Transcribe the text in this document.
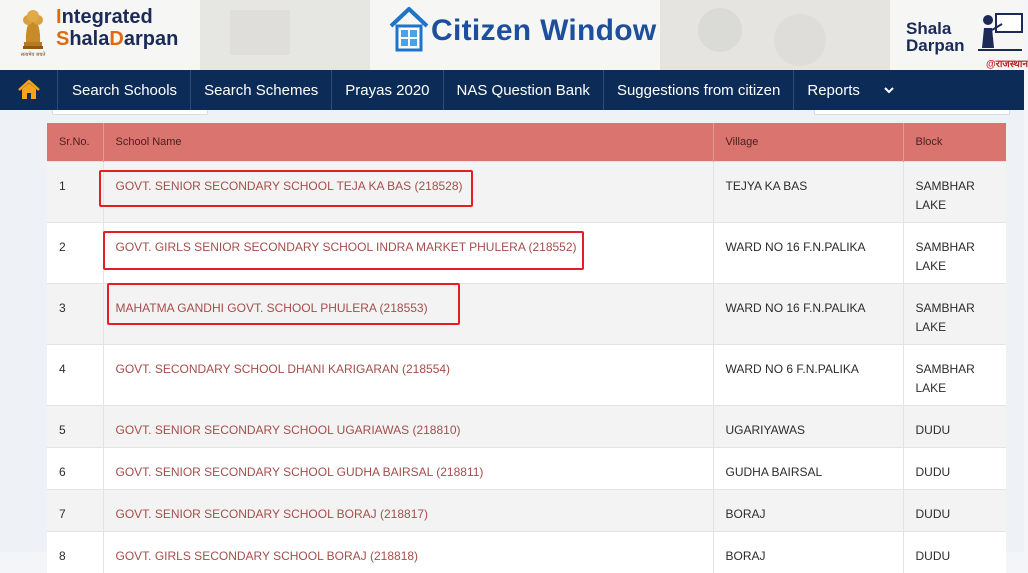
सत्यमेव जयते
Integrated
ShalaDarpan	Citizen Window	Shala
Darpan
@राजस्थान
Search Schools	Search Schemes	Prayas 2020	NAS Question Bank	Suggestions from citizen	Reports
Sr.No.	School Name	Village	Block
1	GOVT. SENIOR SECONDARY SCHOOL TEJA KA BAS (218528)	TEJYA KA BAS	SAMBHAR LAKE
2	GOVT. GIRLS SENIOR SECONDARY SCHOOL INDRA MARKET PHULERA (218552)	WARD NO 16 F.N.PALIKA	SAMBHAR LAKE
3	MAHATMA GANDHI GOVT. SCHOOL PHULERA (218553)	WARD NO 16 F.N.PALIKA	SAMBHAR LAKE
4	GOVT. SECONDARY SCHOOL DHANI KARIGARAN (218554)	WARD NO 6 F.N.PALIKA	SAMBHAR LAKE
5	GOVT. SENIOR SECONDARY SCHOOL UGARIAWAS (218810)	UGARIYAWAS	DUDU
6	GOVT. SENIOR SECONDARY SCHOOL GUDHA BAIRSAL (218811)	GUDHA BAIRSAL	DUDU
7	GOVT. SENIOR SECONDARY SCHOOL BORAJ (218817)	BORAJ	DUDU
8	GOVT. GIRLS SECONDARY SCHOOL BORAJ (218818)	BORAJ	DUDU
